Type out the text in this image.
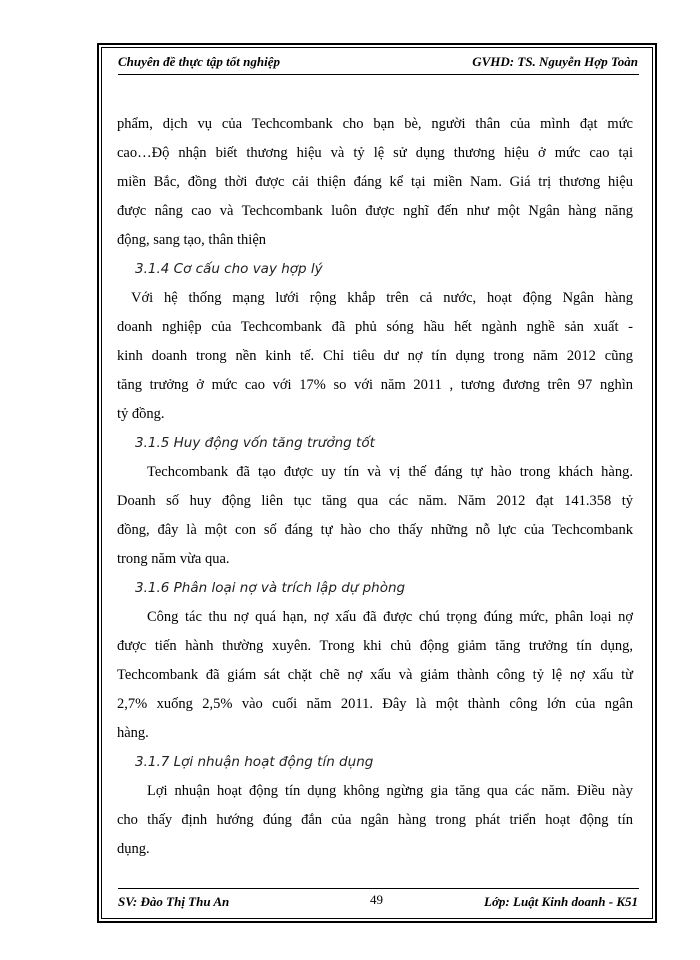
Chuyên đề thực tập tốt nghiệp	GVHD: TS. Nguyễn Hợp Toàn

phẩm, dịch vụ của Techcombank cho bạn bè, người thân của mình đạt mức

cao…Độ nhận biết thương hiệu và tỷ lệ sử dụng thương hiệu ở mức cao tại

miền Bắc, đồng thời được cải thiện đáng kể tại miền Nam. Giá trị thương hiệu

được nâng cao và Techcombank luôn được nghĩ đến như một Ngân hàng năng

động, sang tạo, thân thiện

3.1.4 Cơ cấu cho vay hợp lý

Với hệ thống mạng lưới rộng khắp trên cả nước, hoạt động Ngân hàng

doanh nghiệp của Techcombank đã phủ sóng hầu hết ngành nghề sản xuất -

kinh doanh trong nền kinh tế. Chỉ tiêu dư nợ tín dụng trong năm 2012 cũng

tăng trưởng ở mức cao với 17% so với năm 2011 , tương đương trên 97 nghìn

tỷ đồng.

3.1.5 Huy động vốn tăng trưởng tốt

Techcombank đã tạo được uy tín và vị thế đáng tự hào trong khách hàng.

Doanh số huy động liên tục tăng qua các năm. Năm 2012 đạt 141.358 tỷ

đồng, đây là một con số đáng tự hào cho thấy những nỗ lực của Techcombank

trong năm vừa qua.

3.1.6 Phân loại nợ và trích lập dự phòng

Công tác thu nợ quá hạn, nợ xấu đã được chú trọng đúng mức, phân loại nợ

được tiến hành thường xuyên. Trong khi chủ động giảm tăng trưởng tín dụng,

Techcombank đã giám sát chặt chẽ nợ xấu và giảm thành công tỷ lệ nợ xấu từ

2,7% xuống 2,5% vào cuối năm 2011. Đây là một thành công lớn của ngân

hàng.

3.1.7 Lợi nhuận hoạt động tín dụng

Lợi nhuận hoạt động tín dụng không ngừng gia tăng qua các năm. Điều này

cho thấy định hướng đúng đắn của ngân hàng trong phát triển hoạt động tín

dụng.

SV: Đào Thị Thu An	49	Lớp: Luật Kinh doanh - K51
